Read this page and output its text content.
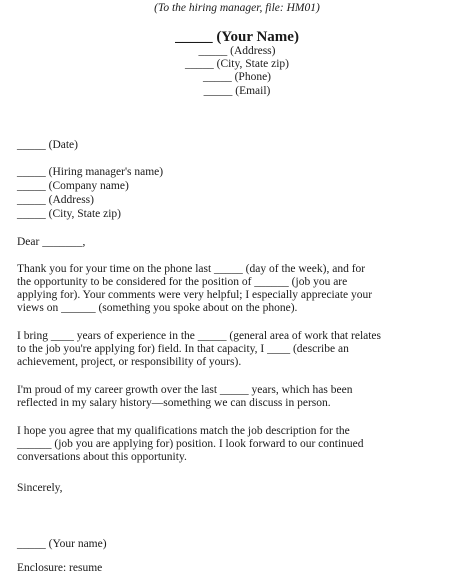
(To the hiring manager, file: HM01)
_____ (Your Name)
_____ (Address)
_____ (City, State zip)
_____ (Phone)
_____ (Email)
_____ (Date)
_____ (Hiring manager's name)
_____ (Company name)
_____ (Address)
_____ (City, State zip)
Dear _______,
Thank you for your time on the phone last _____ (day of the week), and for
the opportunity to be considered for the position of ______ (job you are
applying for). Your comments were very helpful; I especially appreciate your
views on ______ (something you spoke about on the phone).
I bring ____ years of experience in the _____ (general area of work that relates
to the job you're applying for) field. In that capacity, I ____ (describe an
achievement, project, or responsibility of yours).
I'm proud of my career growth over the last _____ years, which has been
reflected in my salary history—something we can discuss in person.
I hope you agree that my qualifications match the job description for the
______ (job you are applying for) position. I look forward to our continued
conversations about this opportunity.
Sincerely,
_____ (Your name)
Enclosure: resume
